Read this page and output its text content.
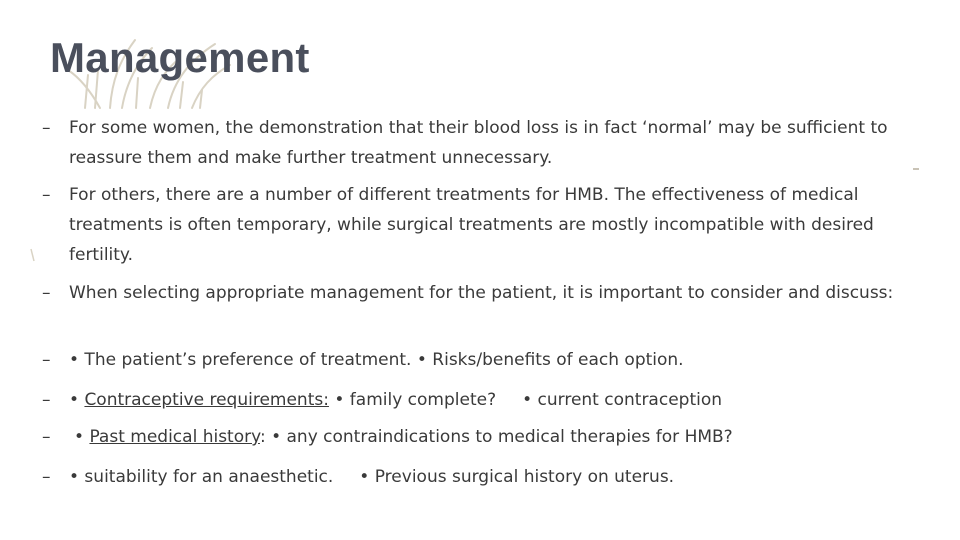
Management
–	For some women, the demonstration that their blood loss is in fact ‘normal’ may be sufficient to reassure them and make further treatment unnecessary.
–	For others, there are a number of different treatments for HMB. The effectiveness of medical treatments is often temporary, while surgical treatments are mostly incompatible with desired fertility.
–	When selecting appropriate management for the patient, it is important to consider and discuss:
–	• The patient’s preference of treatment. • Risks/benefits of each option.
–	• Contraceptive requirements: • family complete? • current contraception
–	• Past medical history: • any contraindications to medical therapies for HMB?
–	• suitability for an anaesthetic. • Previous surgical history on uterus.
